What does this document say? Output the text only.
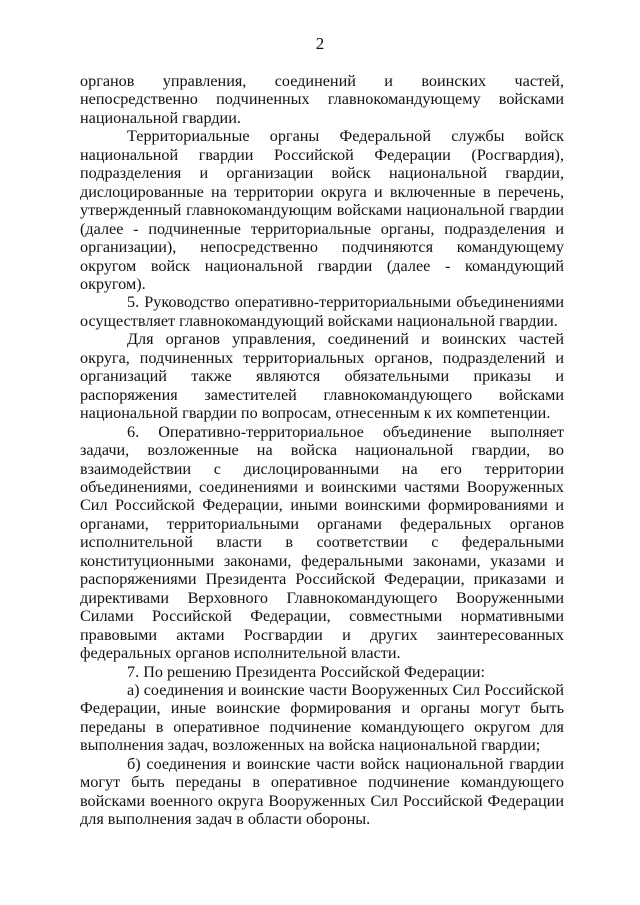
2

органов управления, соединений и воинских частей, непосредственно подчиненных главнокомандующему войсками национальной гвардии.

Территориальные органы Федеральной службы войск национальной гвардии Российской Федерации (Росгвардия), подразделения и организации войск национальной гвардии, дислоцированные на территории округа и включенные в перечень, утвержденный главнокомандующим войсками национальной гвардии (далее - подчиненные территориальные органы, подразделения и организации), непосредственно подчиняются командующему округом войск национальной гвардии (далее - командующий округом).

5. Руководство оперативно-территориальными объединениями осуществляет главнокомандующий войсками национальной гвардии.

Для органов управления, соединений и воинских частей округа, подчиненных территориальных органов, подразделений и организаций также являются обязательными приказы и распоряжения заместителей главнокомандующего войсками национальной гвардии по вопросам, отнесенным к их компетенции.

6. Оперативно-территориальное объединение выполняет задачи, возложенные на войска национальной гвардии, во взаимодействии с дислоцированными на его территории объединениями, соединениями и воинскими частями Вооруженных Сил Российской Федерации, иными воинскими формированиями и органами, территориальными органами федеральных органов исполнительной власти в соответствии с федеральными конституционными законами, федеральными законами, указами и распоряжениями Президента Российской Федерации, приказами и директивами Верховного Главнокомандующего Вооруженными Силами Российской Федерации, совместными нормативными правовыми актами Росгвардии и других заинтересованных федеральных органов исполнительной власти.

7. По решению Президента Российской Федерации:

а) соединения и воинские части Вооруженных Сил Российской Федерации, иные воинские формирования и органы могут быть переданы в оперативное подчинение командующего округом для выполнения задач, возложенных на войска национальной гвардии;

б) соединения и воинские части войск национальной гвардии могут быть переданы в оперативное подчинение командующего войсками военного округа Вооруженных Сил Российской Федерации для выполнения задач в области обороны.
